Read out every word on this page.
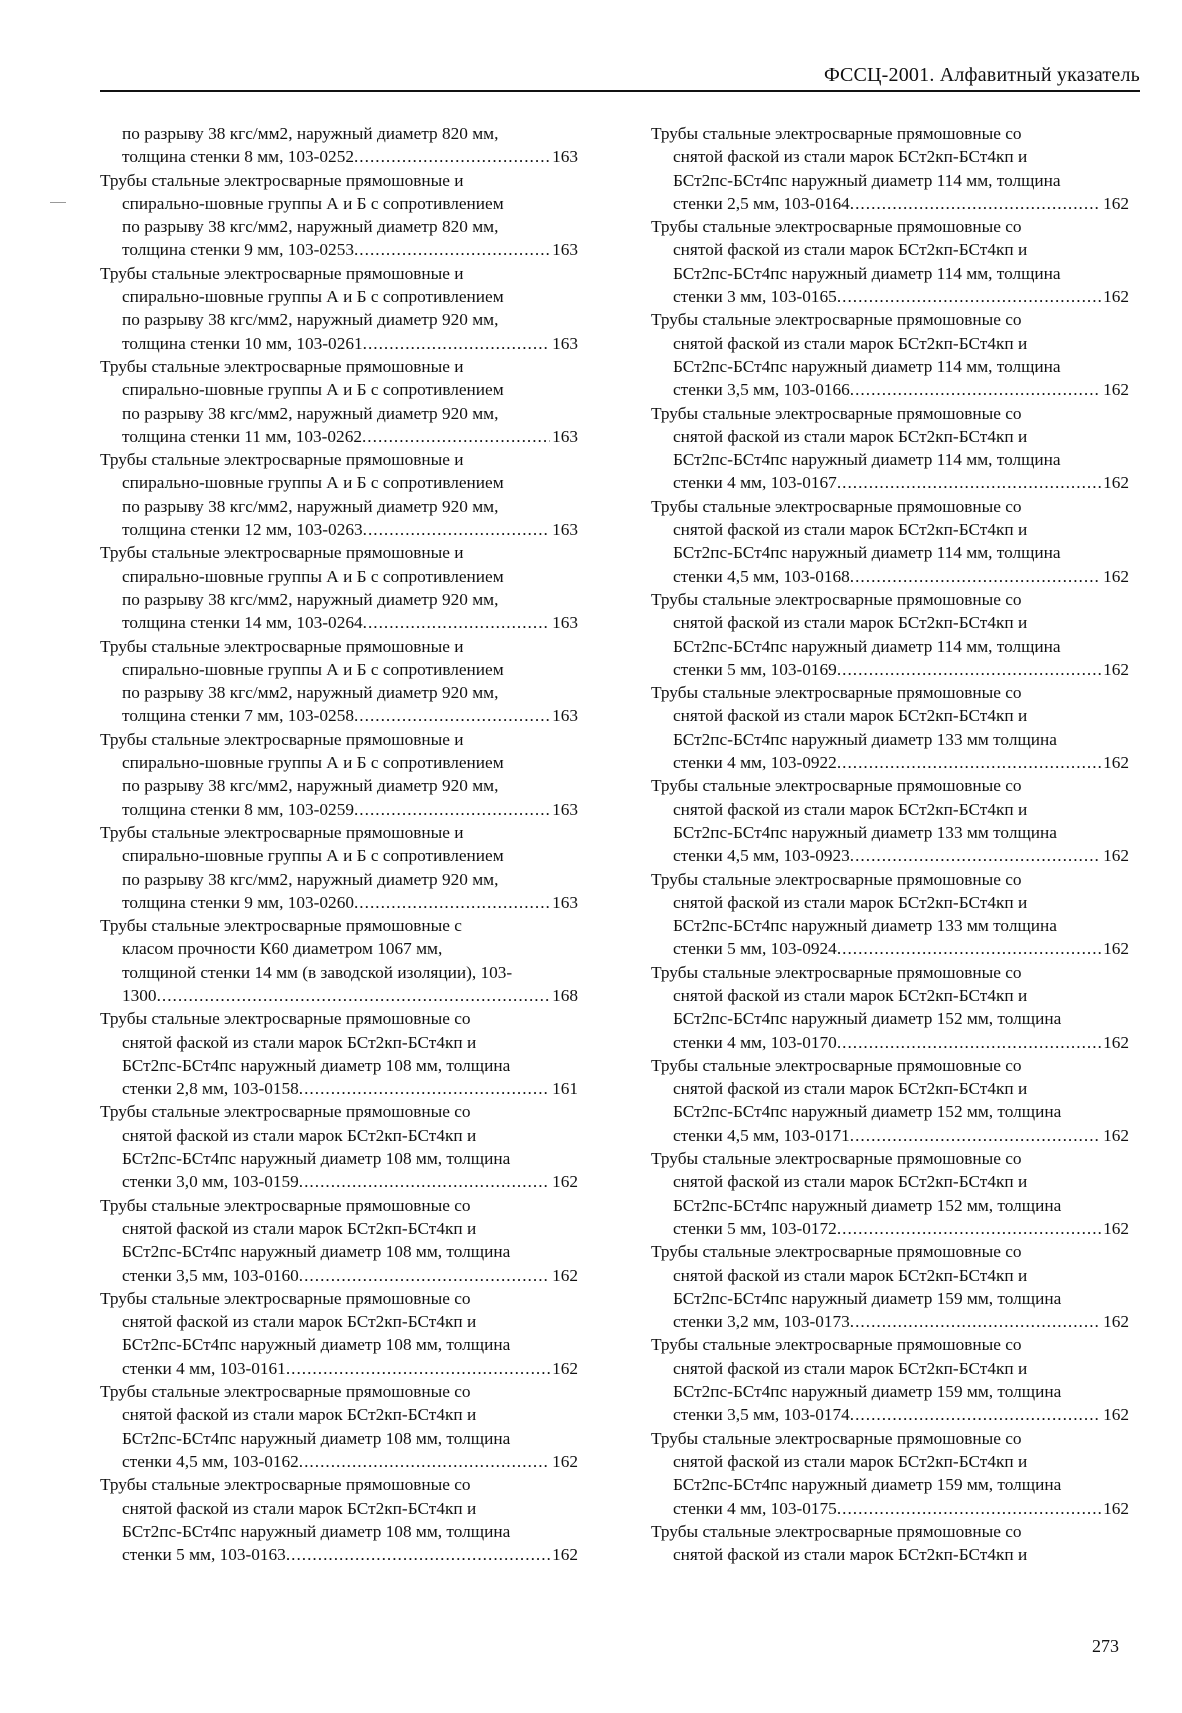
ФССЦ-2001. Алфавитный указатель
по разрыву 38 кгс/мм2, наружный диаметр 820 мм,
толщина стенки 8 мм, 103-0252 .....	163
Трубы стальные электросварные прямошовные и
спирально-шовные группы А и Б с сопротивлением
по разрыву 38 кгс/мм2, наружный диаметр 820 мм,
толщина стенки 9 мм, 103-0253 .....	163
Трубы стальные электросварные прямошовные и
спирально-шовные группы А и Б с сопротивлением
по разрыву 38 кгс/мм2, наружный диаметр 920 мм,
толщина стенки 10 мм, 103-0261 .....	163
Трубы стальные электросварные прямошовные и
спирально-шовные группы А и Б с сопротивлением
по разрыву 38 кгс/мм2, наружный диаметр 920 мм,
толщина стенки 11 мм, 103-0262 .....	163
Трубы стальные электросварные прямошовные и
спирально-шовные группы А и Б с сопротивлением
по разрыву 38 кгс/мм2, наружный диаметр 920 мм,
толщина стенки 12 мм, 103-0263 .....	163
Трубы стальные электросварные прямошовные и
спирально-шовные группы А и Б с сопротивлением
по разрыву 38 кгс/мм2, наружный диаметр 920 мм,
толщина стенки 14 мм, 103-0264 .....	163
Трубы стальные электросварные прямошовные и
спирально-шовные группы А и Б с сопротивлением
по разрыву 38 кгс/мм2, наружный диаметр 920 мм,
толщина стенки 7 мм, 103-0258 .....	163
Трубы стальные электросварные прямошовные и
спирально-шовные группы А и Б с сопротивлением
по разрыву 38 кгс/мм2, наружный диаметр 920 мм,
толщина стенки 8 мм, 103-0259 .....	163
Трубы стальные электросварные прямошовные и
спирально-шовные группы А и Б с сопротивлением
по разрыву 38 кгс/мм2, наружный диаметр 920 мм,
толщина стенки 9 мм, 103-0260 .....	163
Трубы стальные электросварные прямошовные с
класом прочности К60 диаметром 1067 мм,
толщиной стенки 14 мм (в заводской изоляции), 103-
1300 .....	168
Трубы стальные электросварные прямошовные со
снятой фаской из стали марок БСт2кп-БСт4кп и
БСт2пс-БСт4пс наружный диаметр 108 мм, толщина
стенки 2,8 мм, 103-0158 .....	161
Трубы стальные электросварные прямошовные со
снятой фаской из стали марок БСт2кп-БСт4кп и
БСт2пс-БСт4пс наружный диаметр 108 мм, толщина
стенки 3,0 мм, 103-0159 .....	162
Трубы стальные электросварные прямошовные со
снятой фаской из стали марок БСт2кп-БСт4кп и
БСт2пс-БСт4пс наружный диаметр 108 мм, толщина
стенки 3,5 мм, 103-0160 .....	162
Трубы стальные электросварные прямошовные со
снятой фаской из стали марок БСт2кп-БСт4кп и
БСт2пс-БСт4пс наружный диаметр 108 мм, толщина
стенки 4 мм, 103-0161 .....	162
Трубы стальные электросварные прямошовные со
снятой фаской из стали марок БСт2кп-БСт4кп и
БСт2пс-БСт4пс наружный диаметр 108 мм, толщина
стенки 4,5 мм, 103-0162 .....	162
Трубы стальные электросварные прямошовные со
снятой фаской из стали марок БСт2кп-БСт4кп и
БСт2пс-БСт4пс наружный диаметр 108 мм, толщина
стенки 5 мм, 103-0163 .....	162
Трубы стальные электросварные прямошовные со
снятой фаской из стали марок БСт2кп-БСт4кп и
БСт2пс-БСт4пс наружный диаметр 114 мм, толщина
стенки 2,5 мм, 103-0164 .....	162
Трубы стальные электросварные прямошовные со
снятой фаской из стали марок БСт2кп-БСт4кп и
БСт2пс-БСт4пс наружный диаметр 114 мм, толщина
стенки 3 мм, 103-0165 .....	162
Трубы стальные электросварные прямошовные со
снятой фаской из стали марок БСт2кп-БСт4кп и
БСт2пс-БСт4пс наружный диаметр 114 мм, толщина
стенки 3,5 мм, 103-0166 .....	162
Трубы стальные электросварные прямошовные со
снятой фаской из стали марок БСт2кп-БСт4кп и
БСт2пс-БСт4пс наружный диаметр 114 мм, толщина
стенки 4 мм, 103-0167 .....	162
Трубы стальные электросварные прямошовные со
снятой фаской из стали марок БСт2кп-БСт4кп и
БСт2пс-БСт4пс наружный диаметр 114 мм, толщина
стенки 4,5 мм, 103-0168 .....	162
Трубы стальные электросварные прямошовные со
снятой фаской из стали марок БСт2кп-БСт4кп и
БСт2пс-БСт4пс наружный диаметр 114 мм, толщина
стенки 5 мм, 103-0169 .....	162
Трубы стальные электросварные прямошовные со
снятой фаской из стали марок БСт2кп-БСт4кп и
БСт2пс-БСт4пс наружный диаметр 133 мм толщина
стенки 4 мм, 103-0922 .....	162
Трубы стальные электросварные прямошовные со
снятой фаской из стали марок БСт2кп-БСт4кп и
БСт2пс-БСт4пс наружный диаметр 133 мм толщина
стенки 4,5 мм, 103-0923 .....	162
Трубы стальные электросварные прямошовные со
снятой фаской из стали марок БСт2кп-БСт4кп и
БСт2пс-БСт4пс наружный диаметр 133 мм толщина
стенки 5 мм, 103-0924 .....	162
Трубы стальные электросварные прямошовные со
снятой фаской из стали марок БСт2кп-БСт4кп и
БСт2пс-БСт4пс наружный диаметр 152 мм, толщина
стенки 4 мм, 103-0170 .....	162
Трубы стальные электросварные прямошовные со
снятой фаской из стали марок БСт2кп-БСт4кп и
БСт2пс-БСт4пс наружный диаметр 152 мм, толщина
стенки 4,5 мм, 103-0171 .....	162
Трубы стальные электросварные прямошовные со
снятой фаской из стали марок БСт2кп-БСт4кп и
БСт2пс-БСт4пс наружный диаметр 152 мм, толщина
стенки 5 мм, 103-0172 .....	162
Трубы стальные электросварные прямошовные со
снятой фаской из стали марок БСт2кп-БСт4кп и
БСт2пс-БСт4пс наружный диаметр 159 мм, толщина
стенки 3,2 мм, 103-0173 .....	162
Трубы стальные электросварные прямошовные со
снятой фаской из стали марок БСт2кп-БСт4кп и
БСт2пс-БСт4пс наружный диаметр 159 мм, толщина
стенки 3,5 мм, 103-0174 .....	162
Трубы стальные электросварные прямошовные со
снятой фаской из стали марок БСт2кп-БСт4кп и
БСт2пс-БСт4пс наружный диаметр 159 мм, толщина
стенки 4 мм, 103-0175 .....	162
Трубы стальные электросварные прямошовные со
снятой фаской из стали марок БСт2кп-БСт4кп и
273
